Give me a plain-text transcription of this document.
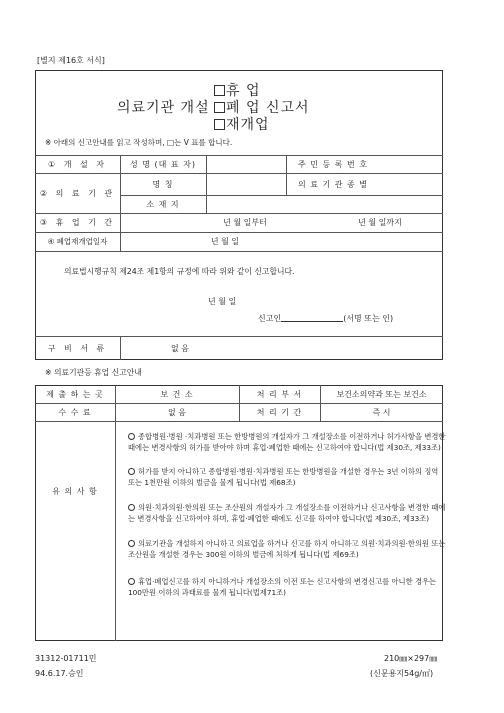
[별지 제16호 서식]
휴 업
의료기관 개설	폐 업 신고서
재개업
※ 아래의 신고안내를 읽고 작성하며, □는 V 표를 합니다.
① 개 설 자	성 명 (대 표 자)	주 민 등 록 번 호
② 의 료 기 관
명 칭	의 료 기 관 종 별
소 재 지
③ 휴 업 기 간	년 월 일부터	년 월 일까지
④ 폐업재개업일자	년 월 일
의료법시행규칙 제24조 제1항의 규정에 따라 위와 같이 신고합니다.
년 월 일
신고인	(서명 또는 인)
구 비 서 류	없 음
※ 의료기관등 휴업 신고안내
제 출 하 는 곳	보 건 소	처 리 부 서	보건소의약과 또는 보건소
수 수 료	없 음	처 리 기 간	즉 시
유 의 사 항
종합병원·병원 ·치과병원 또는 한방병원의 개설자가 그 개설장소를 이전하거나 허가사항을 변경한 때에는 변경사항의 허가를 받아야 하며 휴업·폐업한 때에는 신고하여야 합니다(법 제30조, 제33조)
허가를 받지 아니하고 종합병원·병원·치과병원 또는 한방병원을 개설한 경우는 3년 이하의 징역 또는 1천만원 이하의 벌금을 물게 됩니다(법 제68조)
의원·치과의원·한의원 또는 조산원의 개설자가 그 개설장소를 이전하거나 신고사항을 변경한 때에는 변경사항을 신고하여야 하며, 휴업·폐업한 때에도 신고를 하여야 합니다(법 제30조, 제33조)
의료기관을 개설하지 아니하고 의료업을 하거나 신고를 하지 아니하고 의원·치과의원·한의원 또는 조산원을 개설한 경우는 300원 이하의 벌금에 처하게 됩니다(법 제69조)
휴업·폐업신고를 하지 아니하거나 개설장소의 이전 또는 신고사항의 변경신고를 아니한 경우는 100만원 이하의 과태료를 물게 됩니다(법제71조)
31312-01711민
94.6.17.승인
210㎜×297㎜
(신문용지54g/㎡)
